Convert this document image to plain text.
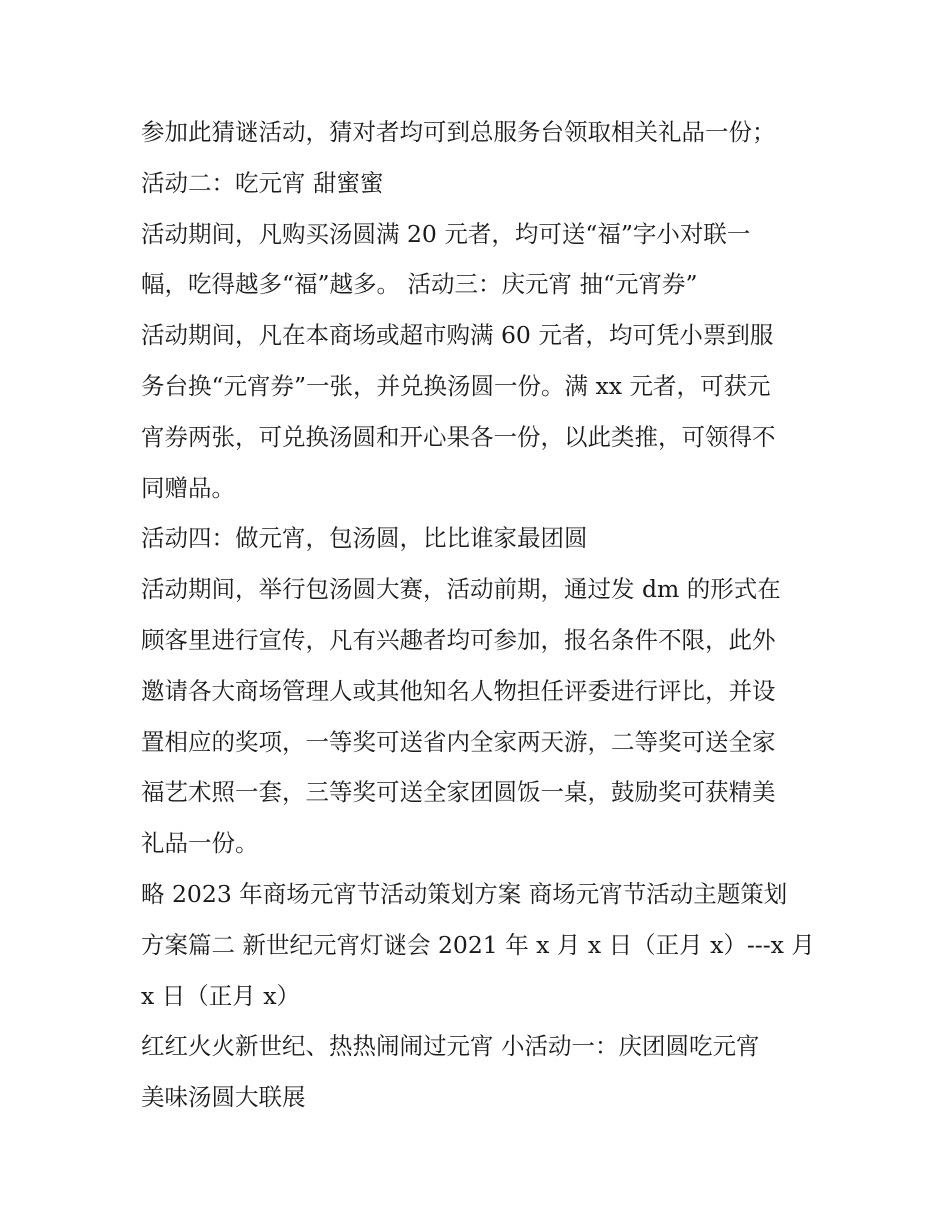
参加此猜谜活动，猜对者均可到总服务台领取相关礼品一份；
活动二：吃元宵 甜蜜蜜
活动期间，凡购买汤圆满 20 元者，均可送“福”字小对联一
幅，吃得越多“福”越多。 活动三：庆元宵 抽“元宵券”
活动期间，凡在本商场或超市购满 60 元者，均可凭小票到服
务台换“元宵券”一张，并兑换汤圆一份。满 xx 元者，可获元
宵券两张，可兑换汤圆和开心果各一份，以此类推，可领得不
同赠品。
活动四：做元宵，包汤圆，比比谁家最团圆
活动期间，举行包汤圆大赛，活动前期，通过发 dm 的形式在
顾客里进行宣传，凡有兴趣者均可参加，报名条件不限，此外
邀请各大商场管理人或其他知名人物担任评委进行评比，并设
置相应的奖项，一等奖可送省内全家两天游，二等奖可送全家
福艺术照一套，三等奖可送全家团圆饭一桌，鼓励奖可获精美
礼品一份。
略 2023 年商场元宵节活动策划方案 商场元宵节活动主题策划
方案篇二 新世纪元宵灯谜会 2021 年 x 月 x 日（正月 x）---x 月
x 日（正月 x）
红红火火新世纪、热热闹闹过元宵 小活动一：庆团圆吃元宵
美味汤圆大联展
